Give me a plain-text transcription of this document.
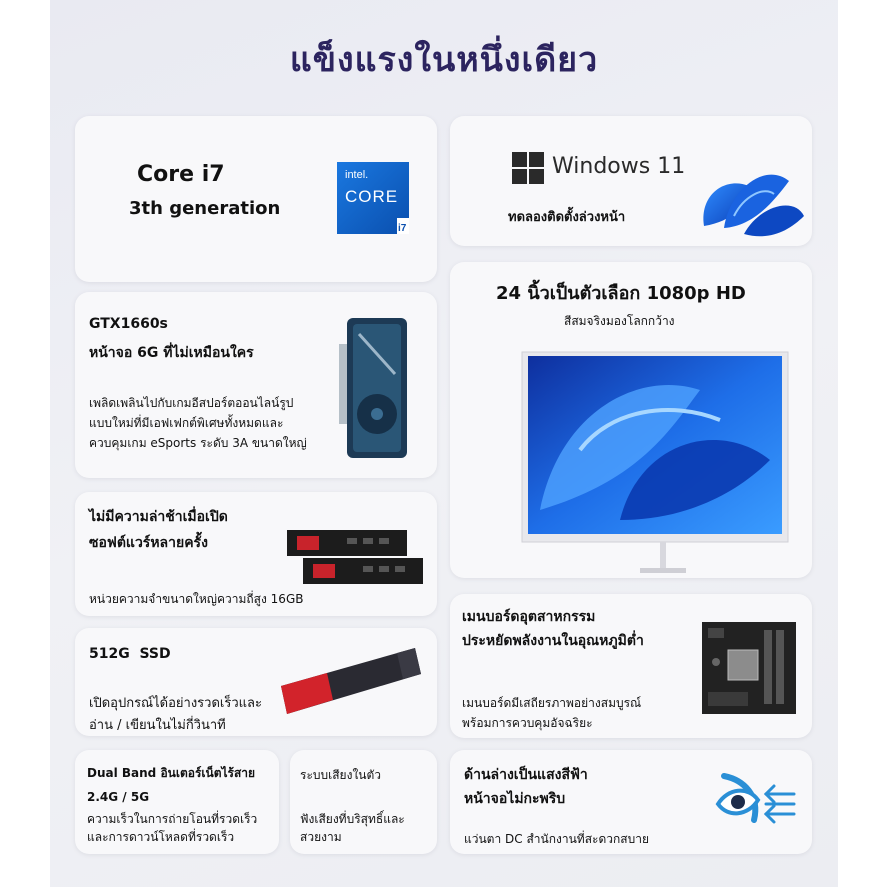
แข็งแรงในหนึ่งเดียว
Core i7
3th generation
intel.
CORE
i7
Windows 11
ทดลองติดตั้งล่วงหน้า
24 นิ้วเป็นตัวเลือก 1080p HD
สีสมจริงมองโลกกว้าง
GTX1660s
หน้าจอ 6G ที่ไม่เหมือนใคร
เพลิดเพลินไปกับเกมอีสปอร์ตออนไลน์รูป
แบบใหม่ที่มีเอฟเฟกต์พิเศษทั้งหมดและ
ควบคุมเกม eSports ระดับ 3A ขนาดใหญ่
ไม่มีความล่าช้าเมื่อเปิด
ซอฟต์แวร์หลายครั้ง
หน่วยความจำขนาดใหญ่ความถี่สูง 16GB
เมนบอร์ดอุตสาหกรรม
ประหยัดพลังงานในอุณหภูมิต่ำ
เมนบอร์ดมีเสถียรภาพอย่างสมบูรณ์
พร้อมการควบคุมอัจฉริยะ
512G  SSD
เปิดอุปกรณ์ได้อย่างรวดเร็วและ
อ่าน / เขียนในไม่กี่วินาที
Dual Band อินเตอร์เน็ตไร้สาย
2.4G / 5G
ความเร็วในการถ่ายโอนที่รวดเร็ว
และการดาวน์โหลดที่รวดเร็ว
ระบบเสียงในตัว
ฟังเสียงที่บริสุทธิ์และ
สวยงาม
ด้านล่างเป็นแสงสีฟ้า
หน้าจอไม่กะพริบ
แว่นตา DC สำนักงานที่สะดวกสบาย
